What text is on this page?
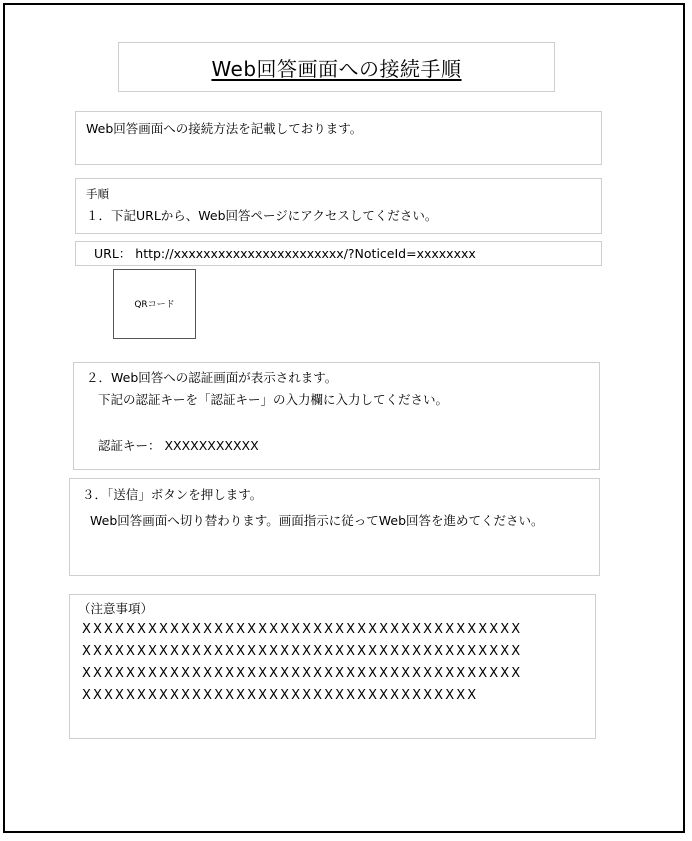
Web回答画面への接続手順
Web回答画面への接続方法を記載しております。
手順
１．下記URLから、Web回答ページにアクセスしてください。
URL： http://xxxxxxxxxxxxxxxxxxxxxxx/?NoticeId=xxxxxxxx
QRコード
２．Web回答への認証画面が表示されます。
下記の認証キーを「認証キー」の入力欄に入力してください。
認証キー： XXXXXXXXXXX
３．「送信」ボタンを押します。
Web回答画面へ切り替わります。画面指示に従ってWeb回答を進めてください。
（注意事項）
XXXXXXXXXXXXXXXXXXXXXXXXXXXXXXXXXXXXXXXX
XXXXXXXXXXXXXXXXXXXXXXXXXXXXXXXXXXXXXXXX
XXXXXXXXXXXXXXXXXXXXXXXXXXXXXXXXXXXXXXXX
XXXXXXXXXXXXXXXXXXXXXXXXXXXXXXXXXXXX
